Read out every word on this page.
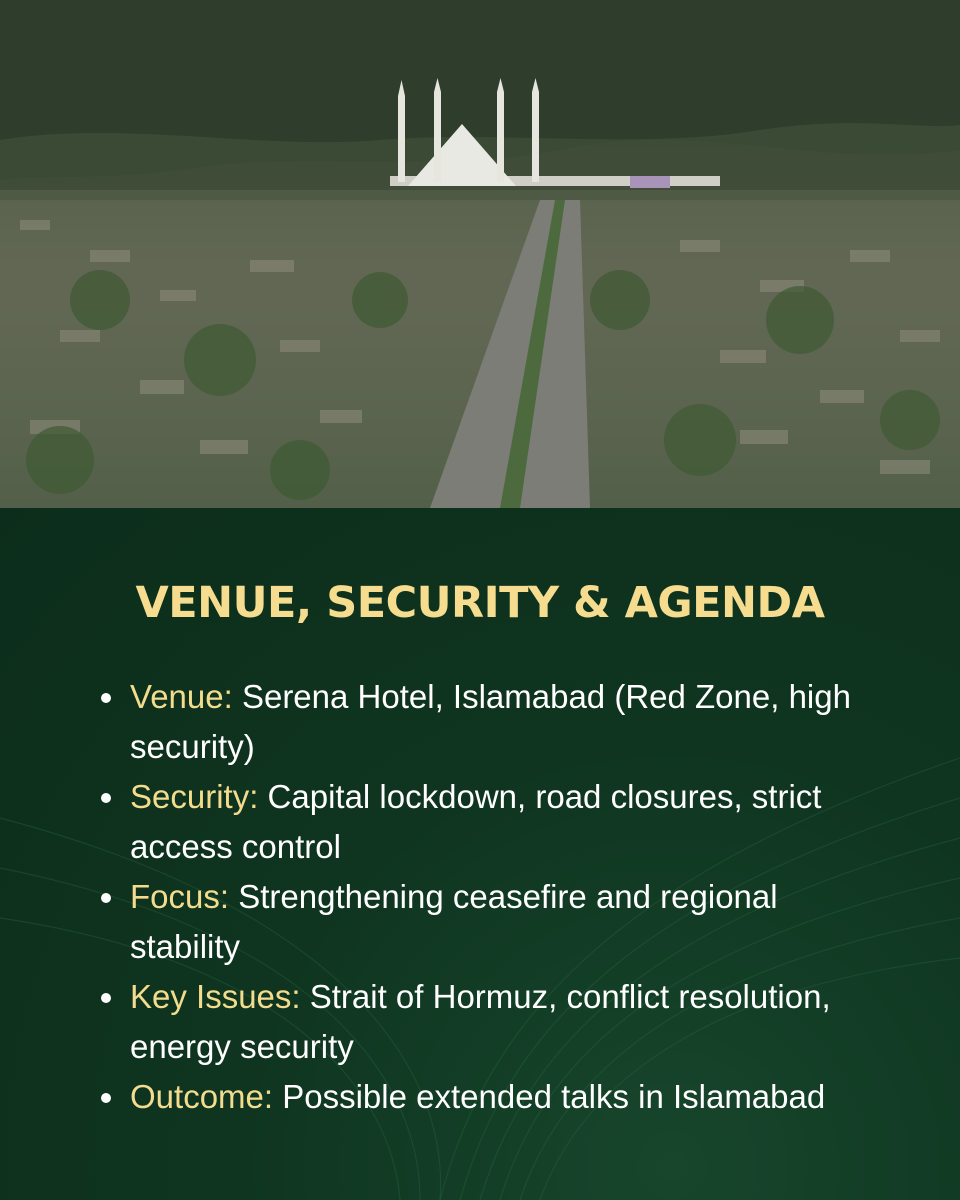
VENUE, SECURITY & AGENDA
Venue: Serena Hotel, Islamabad (Red Zone, high security)
Security: Capital lockdown, road closures, strict access control
Focus: Strengthening ceasefire and regional stability
Key Issues: Strait of Hormuz, conflict resolution, energy security
Outcome: Possible extended talks in Islamabad
